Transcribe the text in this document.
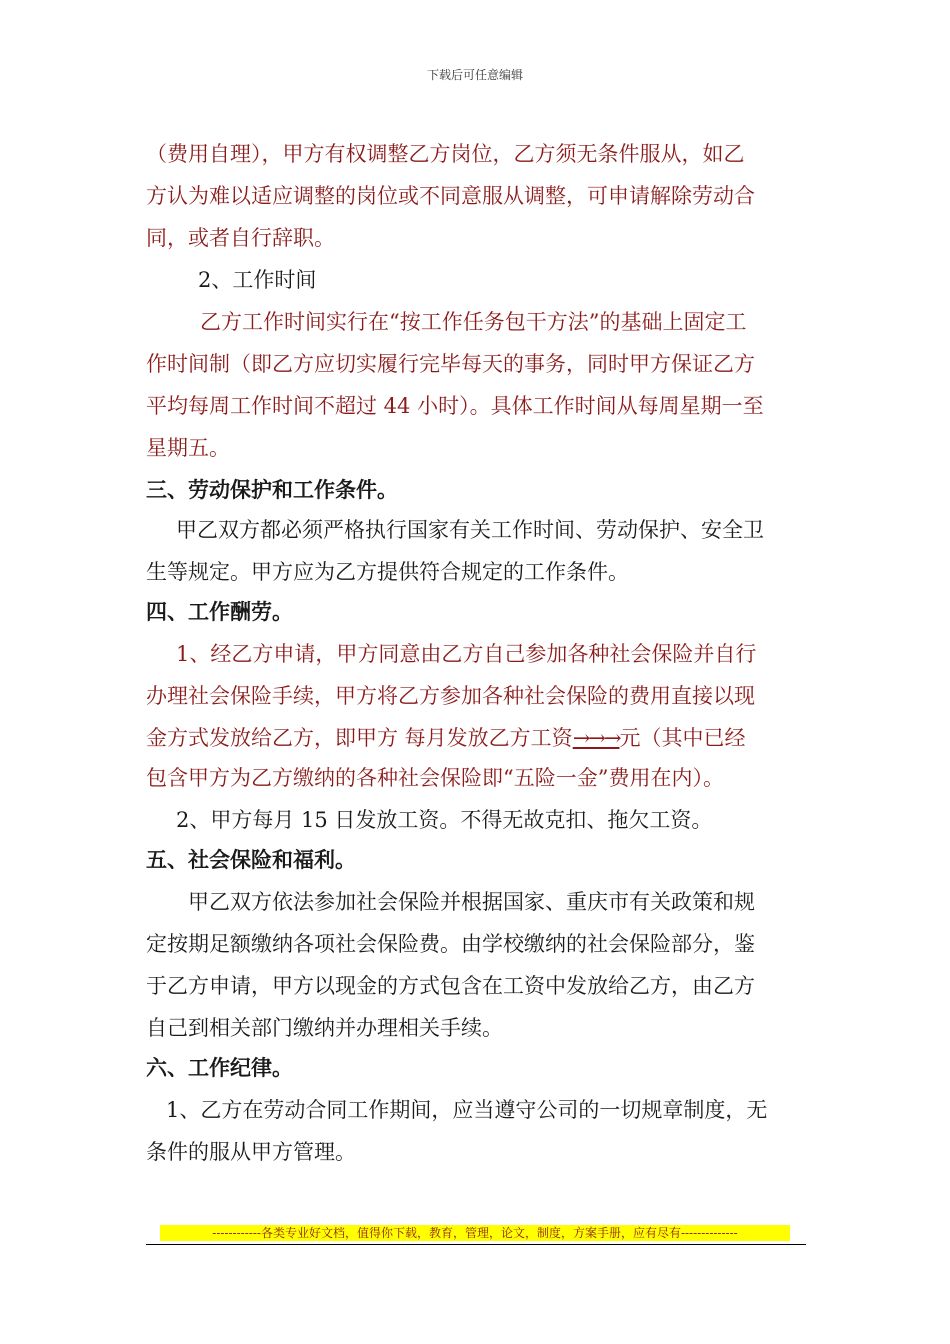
下载后可任意编辑
（费用自理），甲方有权调整乙方岗位，乙方须无条件服从，如乙
方认为难以适应调整的岗位或不同意服从调整，可申请解除劳动合
同，或者自行辞职。
2、工作时间
乙方工作时间实行在“按工作任务包干方法”的基础上固定工
作时间制（即乙方应切实履行完毕每天的事务，同时甲方保证乙方
平均每周工作时间不超过 44 小时）。具体工作时间从每周星期一至
星期五。
三、劳动保护和工作条件。
甲乙双方都必须严格执行国家有关工作时间、劳动保护、安全卫
生等规定。甲方应为乙方提供符合规定的工作条件。
四、工作酬劳。
1、经乙方申请，甲方同意由乙方自己参加各种社会保险并自行
办理社会保险手续，甲方将乙方参加各种社会保险的费用直接以现
金方式发放给乙方，即甲方 每月发放乙方工资→→→元（其中已经
包含甲方为乙方缴纳的各种社会保险即“五险一金”费用在内）。
2、甲方每月 15 日发放工资。不得无故克扣、拖欠工资。
五、社会保险和福利。
甲乙双方依法参加社会保险并根据国家、重庆市有关政策和规
定按期足额缴纳各项社会保险费。由学校缴纳的社会保险部分，鉴
于乙方申请，甲方以现金的方式包含在工资中发放给乙方，由乙方
自己到相关部门缴纳并办理相关手续。
六、工作纪律。
1、乙方在劳动合同工作期间，应当遵守公司的一切规章制度，无
条件的服从甲方管理。
------------各类专业好文档，值得你下载，教育，管理，论文，制度，方案手册，应有尽有--------------
